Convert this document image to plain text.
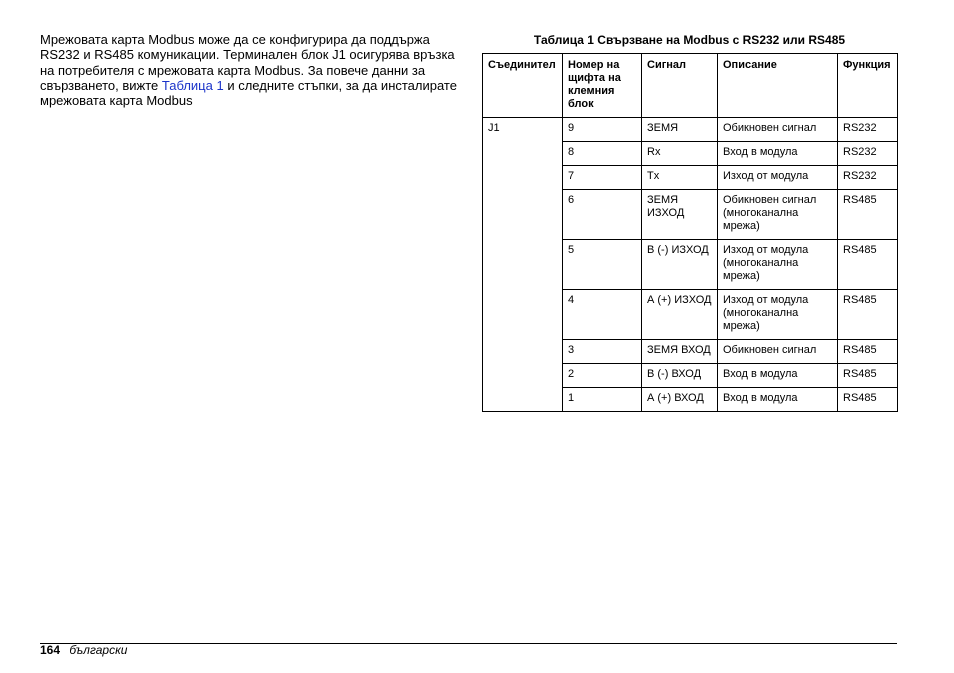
Мрежовата карта Modbus може да се конфигурира да поддържа RS232 и RS485 комуникации. Терминален блок J1 осигурява връзка на потребителя с мрежовата карта Modbus. За повече данни за свързването, вижте Таблица 1 и следните стъпки, за да инсталирате мрежовата карта Modbus

Таблица 1 Свързване на Modbus с RS232 или RS485
Съединител	Номер на щифта на клемния блок	Сигнал	Описание	Функция
J1	9	ЗЕМЯ	Обикновен сигнал	RS232
	8	Rx	Вход в модула	RS232
	7	Tx	Изход от модула	RS232
	6	ЗЕМЯ ИЗХОД	Обикновен сигнал (многоканална мрежа)	RS485
	5	В (-) ИЗХОД	Изход от модула (многоканална мрежа)	RS485
	4	А (+) ИЗХОД	Изход от модула (многоканална мрежа)	RS485
	3	ЗЕМЯ ВХОД	Обикновен сигнал	RS485
	2	В (-) ВХОД	Вход в модула	RS485
	1	А (+) ВХОД	Вход в модула	RS485
164 български
